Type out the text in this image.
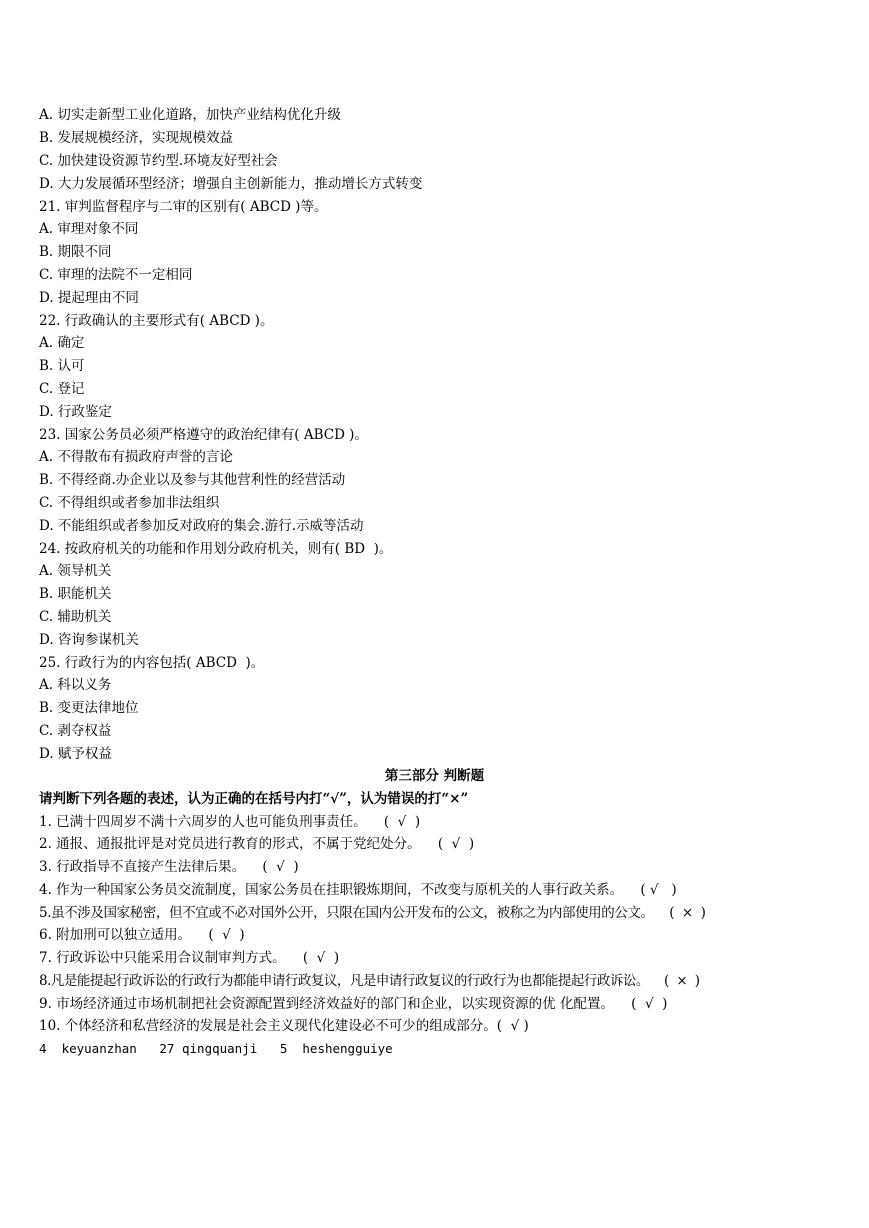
A. 切实走新型工业化道路，加快产业结构优化升级
B. 发展规模经济，实现规模效益
C. 加快建设资源节约型.环境友好型社会
D. 大力发展循环型经济；增强自主创新能力，推动增长方式转变
21. 审判监督程序与二审的区别有( ABCD )等。
A. 审理对象不同
B. 期限不同
C. 审理的法院不一定相同
D. 提起理由不同
22. 行政确认的主要形式有( ABCD )。
A. 确定
B. 认可
C. 登记
D. 行政鉴定
23. 国家公务员必须严格遵守的政治纪律有( ABCD )。
A. 不得散布有损政府声誉的言论
B. 不得经商.办企业以及参与其他营利性的经营活动
C. 不得组织或者参加非法组织
D. 不能组织或者参加反对政府的集会.游行.示威等活动
24. 按政府机关的功能和作用划分政府机关，则有( BD  )。
A. 领导机关
B. 职能机关
C. 辅助机关
D. 咨询参谋机关
25. 行政行为的内容包括( ABCD  )。
A. 科以义务
B. 变更法律地位
C. 剥夺权益
D. 赋予权益
第三部分 判断题
请判断下列各题的表述，认为正确的在括号内打“√”，认为错误的打“×”
1. 已满十四周岁不满十六周岁的人也可能负刑事责任。    (  √  )
2. 通报、通报批评是对党员进行教育的形式，不属于党纪处分。    (  √  )
3. 行政指导不直接产生法律后果。    (  √  )
4. 作为一种国家公务员交流制度，国家公务员在挂职锻炼期间，不改变与原机关的人事行政关系。    ( √   )
5.虽不涉及国家秘密，但不宜或不必对国外公开，只限在国内公开发布的公文，被称之为内部使用的公文。    (  ×  )
6. 附加刑可以独立适用。    (  √  )
7. 行政诉讼中只能采用合议制审判方式。    (  √  )
8.凡是能提起行政诉讼的行政行为都能申请行政复议，凡是申请行政复议的行政行为也都能提起行政诉讼。    (  ×  )
9. 市场经济通过市场机制把社会资源配置到经济效益好的部门和企业，以实现资源的优 化配置。    (  √  )
10. 个体经济和私营经济的发展是社会主义现代化建设必不可少的组成部分。(  √ )
4  keyuanzhan   27 qingquanji   5  heshengguiye
